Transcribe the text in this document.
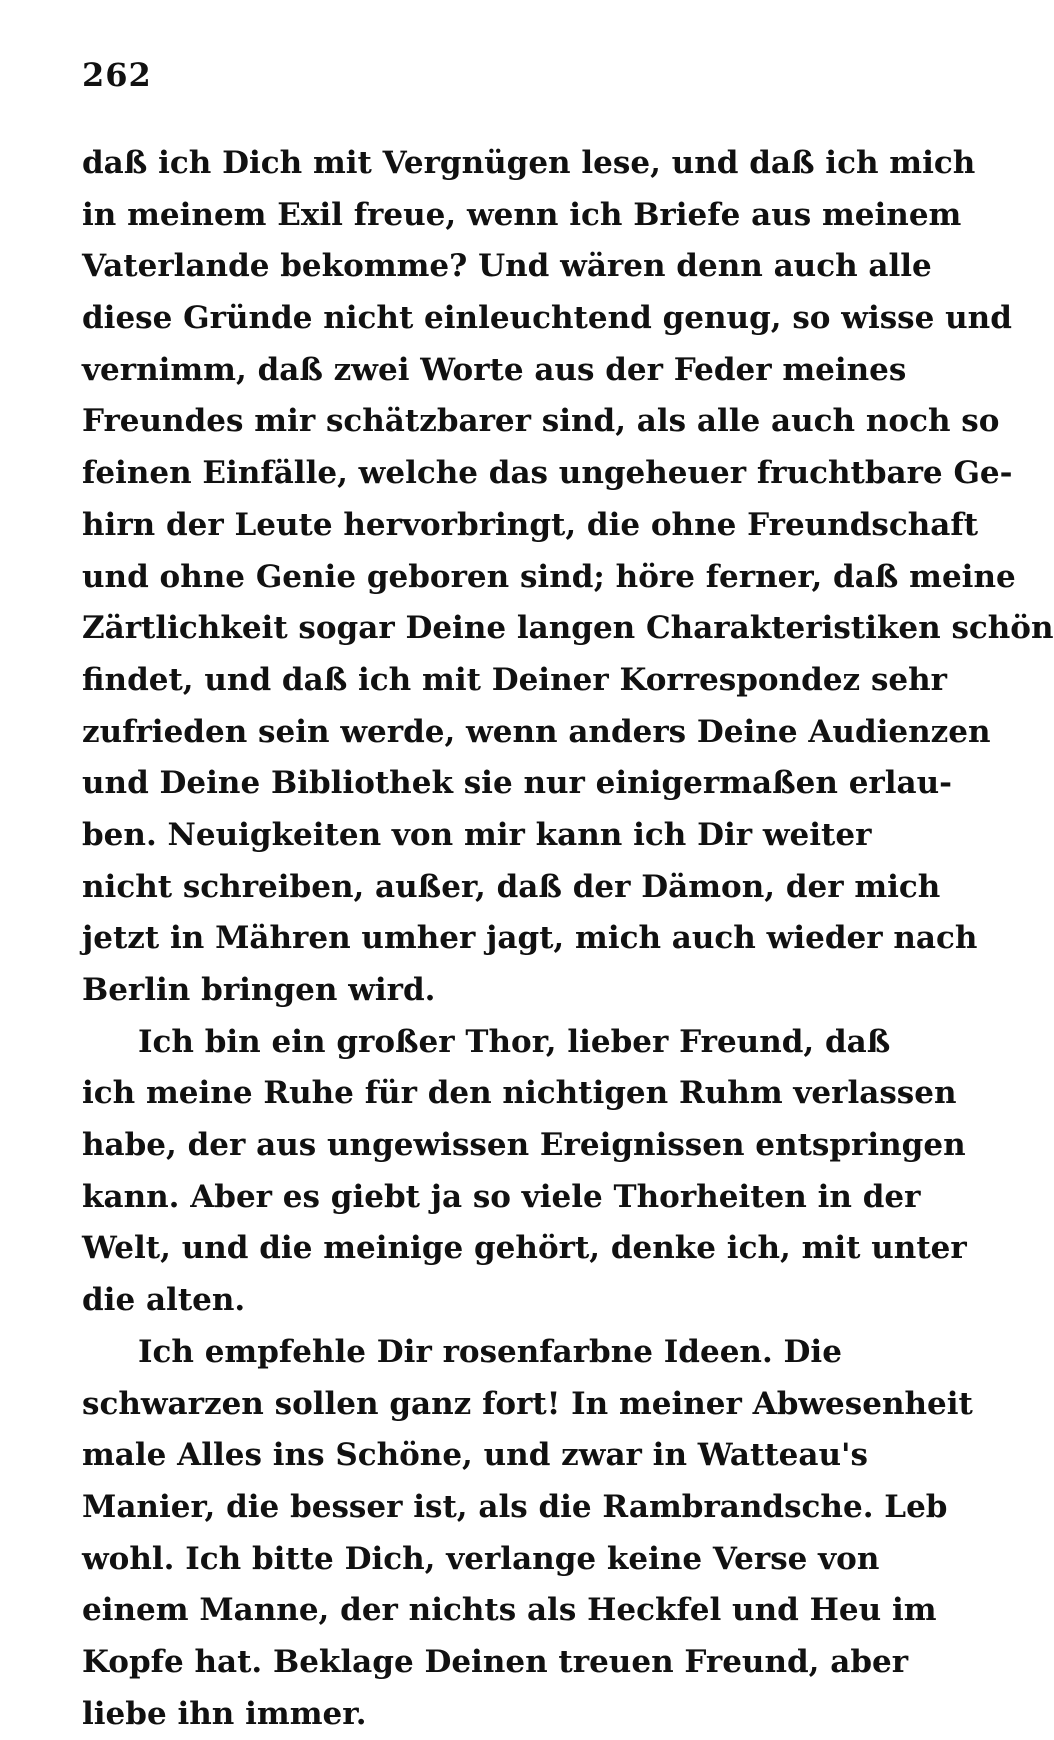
262
daß ich Dich mit Vergnügen lese, und daß ich mich
in meinem Exil freue, wenn ich Briefe aus meinem
Vaterlande bekomme? Und wären denn auch alle
diese Gründe nicht einleuchtend genug, so wisse und
vernimm, daß zwei Worte aus der Feder meines
Freundes mir schätzbarer sind, als alle auch noch so
feinen Einfälle, welche das ungeheuer fruchtbare Ge-
hirn der Leute hervorbringt, die ohne Freundschaft
und ohne Genie geboren sind; höre ferner, daß meine
Zärtlichkeit sogar Deine langen Charakteristiken schön
findet, und daß ich mit Deiner Korrespondez sehr
zufrieden sein werde, wenn anders Deine Audienzen
und Deine Bibliothek sie nur einigermaßen erlau-
ben. Neuigkeiten von mir kann ich Dir weiter
nicht schreiben, außer, daß der Dämon, der mich
jetzt in Mähren umher jagt, mich auch wieder nach
Berlin bringen wird.
Ich bin ein großer Thor, lieber Freund, daß
ich meine Ruhe für den nichtigen Ruhm verlassen
habe, der aus ungewissen Ereignissen entspringen
kann. Aber es giebt ja so viele Thorheiten in der
Welt, und die meinige gehört, denke ich, mit unter
die alten.
Ich empfehle Dir rosenfarbne Ideen. Die
schwarzen sollen ganz fort! In meiner Abwesenheit
male Alles ins Schöne, und zwar in Watteau's
Manier, die besser ist, als die Rambrandsche. Leb
wohl. Ich bitte Dich, verlange keine Verse von
einem Manne, der nichts als Heckfel und Heu im
Kopfe hat. Beklage Deinen treuen Freund, aber
liebe ihn immer.
